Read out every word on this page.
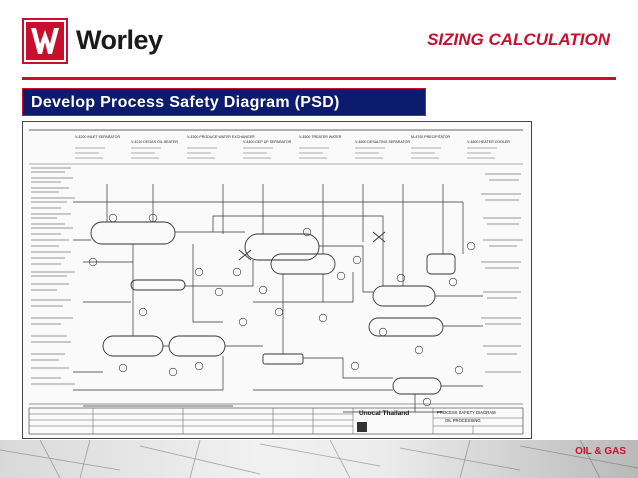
Worley	SIZING CALCULATION
Develop Process Safety Diagram (PSD)
V-4200 INLET SEPARATOR
V-4210 DEGAS OIL HEATER
V-4300 PRODUCE WATER EXCHANGER
V-4400 DEP UP SEPARATOR
V-4500 TREATER WATER
V-4600 DESALTING SEPARATOR
M-4700 PRECIPITATOR
V-4800 HEATER COOLER
Unocal Thailand	PROCESS SAFETY DIAGRAM
OIL PROCESSING
OIL & GAS
